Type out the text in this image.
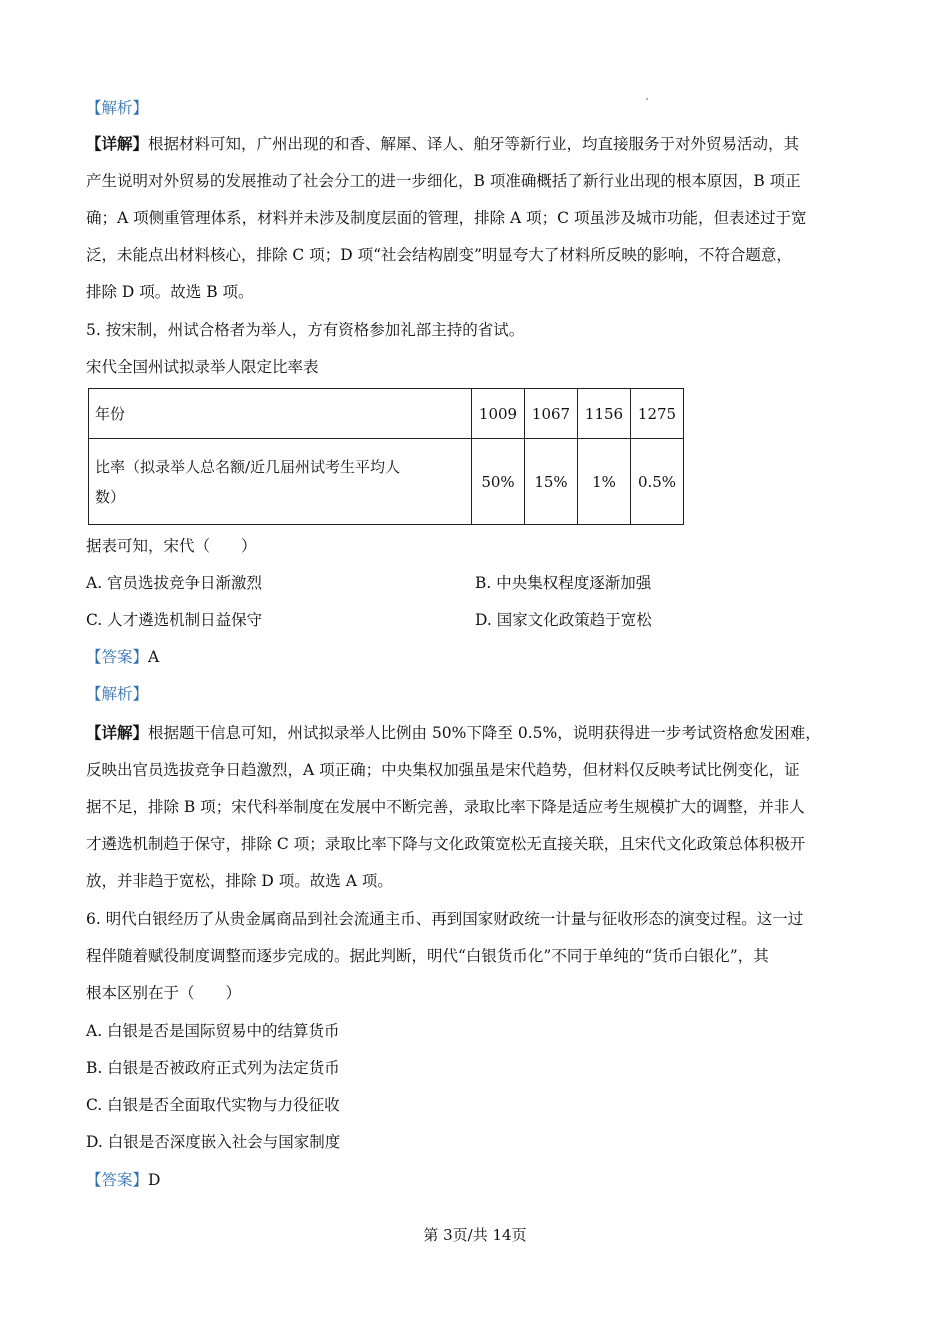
【解析】
【详解】根据材料可知，广州出现的和香、解犀、译人、舶牙等新行业，均直接服务于对外贸易活动，其
产生说明对外贸易的发展推动了社会分工的进一步细化，B 项准确概括了新行业出现的根本原因，B 项正
确；A 项侧重管理体系，材料并未涉及制度层面的管理，排除 A 项；C 项虽涉及城市功能，但表述过于宽
泛，未能点出材料核心，排除 C 项；D 项“社会结构剧变”明显夸大了材料所反映的影响，不符合题意，
排除 D 项。故选 B 项。
5. 按宋制，州试合格者为举人，方有资格参加礼部主持的省试。
宋代全国州试拟录举人限定比率表
年份	1009	1067	1156	1275
比率（拟录举人总名额/近几届州试考生平均人
数）	50%	15%	1%	0.5%
据表可知，宋代（　　）
A. 官员选拔竞争日渐激烈	B. 中央集权程度逐渐加强
C. 人才遴选机制日益保守	D. 国家文化政策趋于宽松
【答案】A
【解析】
【详解】根据题干信息可知，州试拟录举人比例由 50%下降至 0.5%，说明获得进一步考试资格愈发困难，
反映出官员选拔竞争日趋激烈，A 项正确；中央集权加强虽是宋代趋势，但材料仅反映考试比例变化，证
据不足，排除 B 项；宋代科举制度在发展中不断完善，录取比率下降是适应考生规模扩大的调整，并非人
才遴选机制趋于保守，排除 C 项；录取比率下降与文化政策宽松无直接关联，且宋代文化政策总体积极开
放，并非趋于宽松，排除 D 项。故选 A 项。
6. 明代白银经历了从贵金属商品到社会流通主币、再到国家财政统一计量与征收形态的演变过程。这一过
程伴随着赋役制度调整而逐步完成的。据此判断，明代“白银货币化”不同于单纯的“货币白银化”，其
根本区别在于（　　）
A. 白银是否是国际贸易中的结算货币
B. 白银是否被政府正式列为法定货币
C. 白银是否全面取代实物与力役征收
D. 白银是否深度嵌入社会与国家制度
【答案】D
第 3页/共 14页
